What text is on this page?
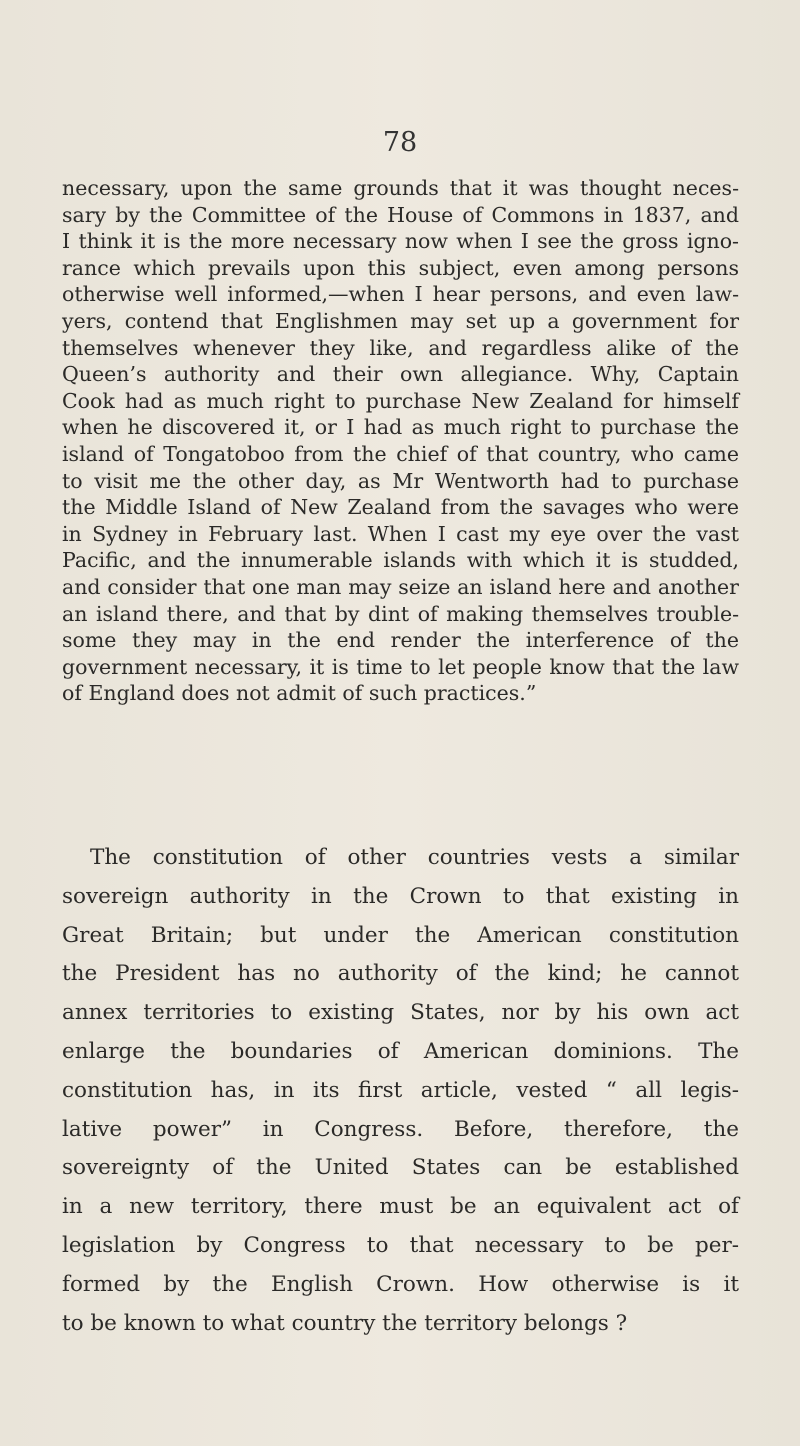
78
necessary, upon the same grounds that it was thought neces-
sary by the Committee of the House of Commons in 1837, and
I think it is the more necessary now when I see the gross igno-
rance which prevails upon this subject, even among persons
otherwise well informed,—when I hear persons, and even law-
yers, contend that Englishmen may set up a government for
themselves whenever they like, and regardless alike of the
Queen’s authority and their own allegiance. Why, Captain
Cook had as much right to purchase New Zealand for himself
when he discovered it, or I had as much right to purchase the
island of Tongatoboo from the chief of that country, who came
to visit me the other day, as Mr Wentworth had to purchase
the Middle Island of New Zealand from the savages who were
in Sydney in February last. When I cast my eye over the vast
Pacific, and the innumerable islands with which it is studded,
and consider that one man may seize an island here and another
an island there, and that by dint of making themselves trouble-
some they may in the end render the interference of the
government necessary, it is time to let people know that the law
of England does not admit of such practices.”
The constitution of other countries vests a similar
sovereign authority in the Crown to that existing in
Great Britain; but under the American constitution
the President has no authority of the kind; he cannot
annex territories to existing States, nor by his own act
enlarge the boundaries of American dominions. The
constitution has, in its first article, vested “ all legis-
lative power” in Congress. Before, therefore, the
sovereignty of the United States can be established
in a new territory, there must be an equivalent act of
legislation by Congress to that necessary to be per-
formed by the English Crown. How otherwise is it
to be known to what country the territory belongs ?
